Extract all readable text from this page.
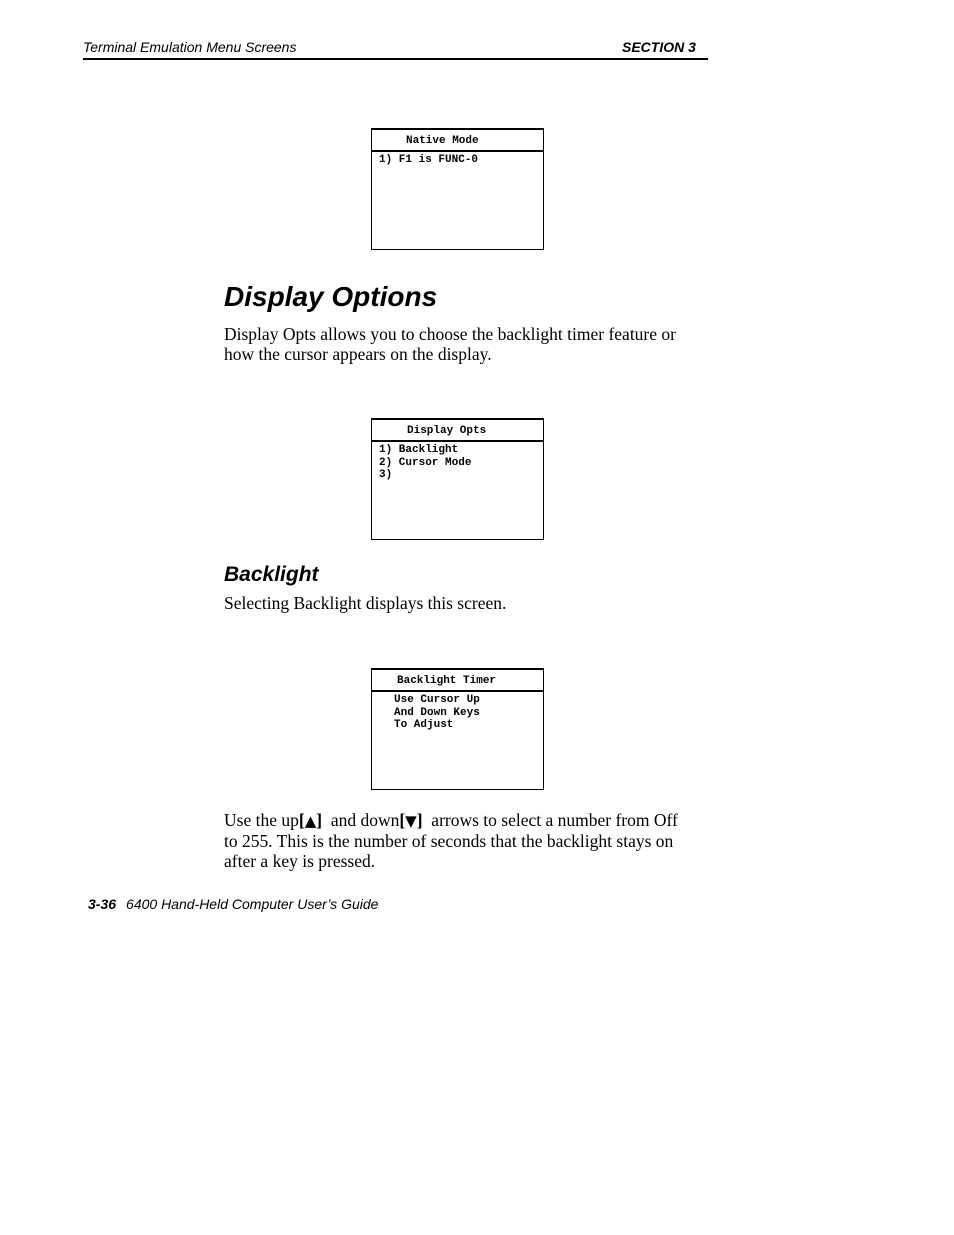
Terminal Emulation Menu Screens	SECTION 3
Native Mode
1) F1 is FUNC-0
Display Options

Display Opts allows you to choose the backlight timer feature or how the cursor appears on the display.

Display Opts
1) Backlight
2) Cursor Mode
3)
Backlight

Selecting Backlight displays this screen.

Backlight Timer
Use Cursor Up
And Down Keys
To Adjust

Use the up[▲] and down[▼] arrows to select a number from Off to 255. This is the number of seconds that the backlight stays on after a key is pressed.

3-36 6400 Hand-Held Computer User’s Guide
